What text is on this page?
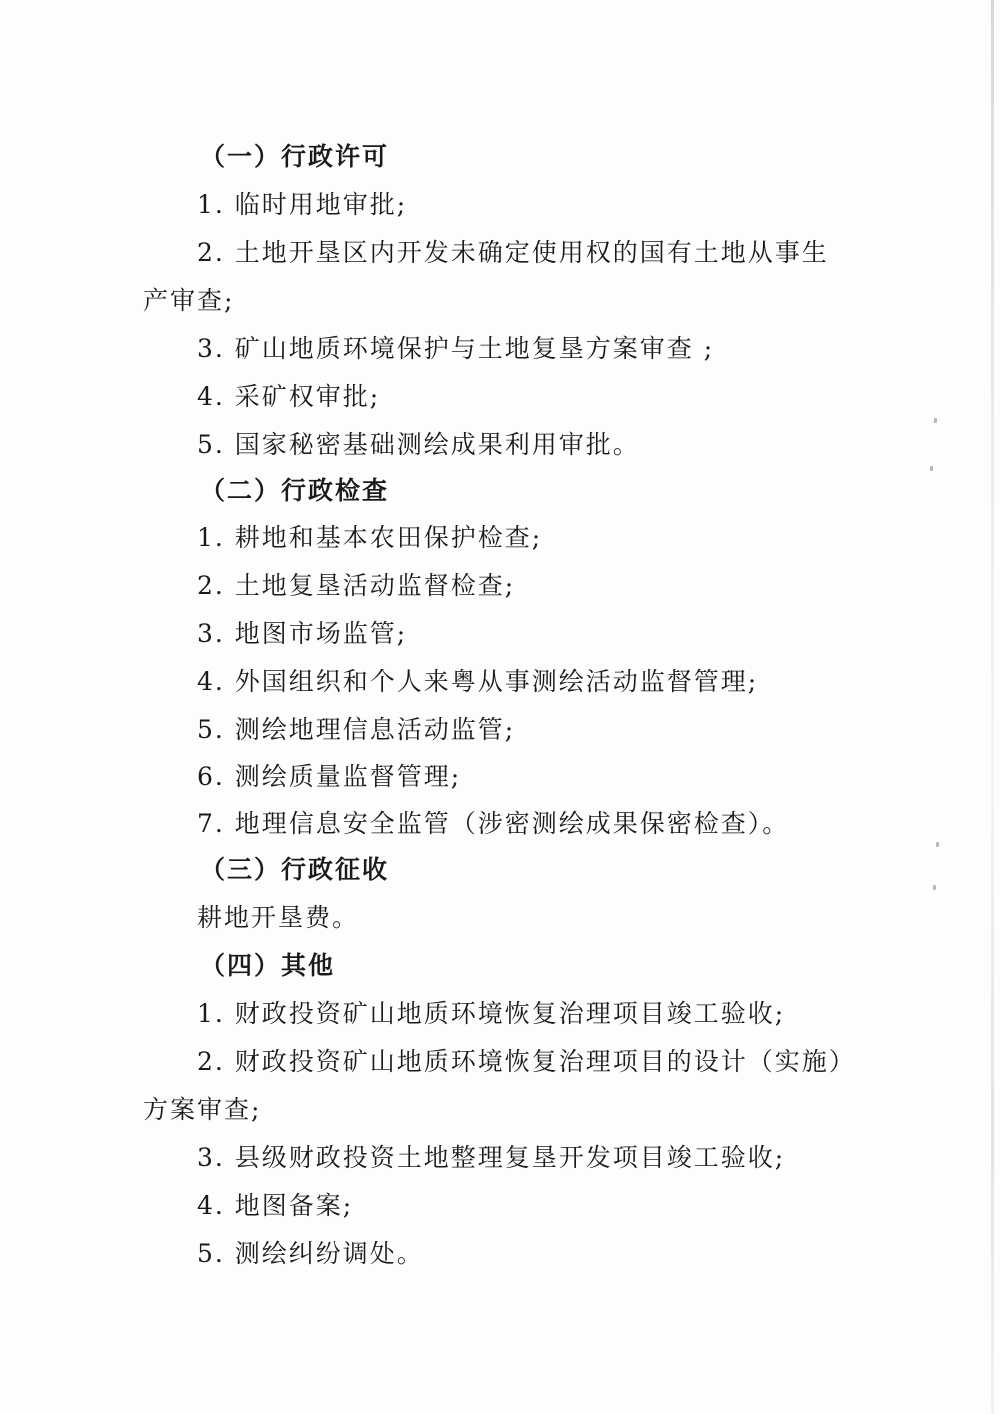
（一）行政许可
1. 临时用地审批;
2. 土地开垦区内开发未确定使用权的国有土地从事生
产审查;
3. 矿山地质环境保护与土地复垦方案审查 ;
4. 采矿权审批;
5. 国家秘密基础测绘成果利用审批。
（二）行政检查
1. 耕地和基本农田保护检查;
2. 土地复垦活动监督检查;
3. 地图市场监管;
4. 外国组织和个人来粤从事测绘活动监督管理;
5. 测绘地理信息活动监管;
6. 测绘质量监督管理;
7. 地理信息安全监管（涉密测绘成果保密检查）。
（三）行政征收
耕地开垦费。
（四）其他
1. 财政投资矿山地质环境恢复治理项目竣工验收;
2. 财政投资矿山地质环境恢复治理项目的设计（实施）
方案审查;
3. 县级财政投资土地整理复垦开发项目竣工验收;
4. 地图备案;
5. 测绘纠纷调处。
